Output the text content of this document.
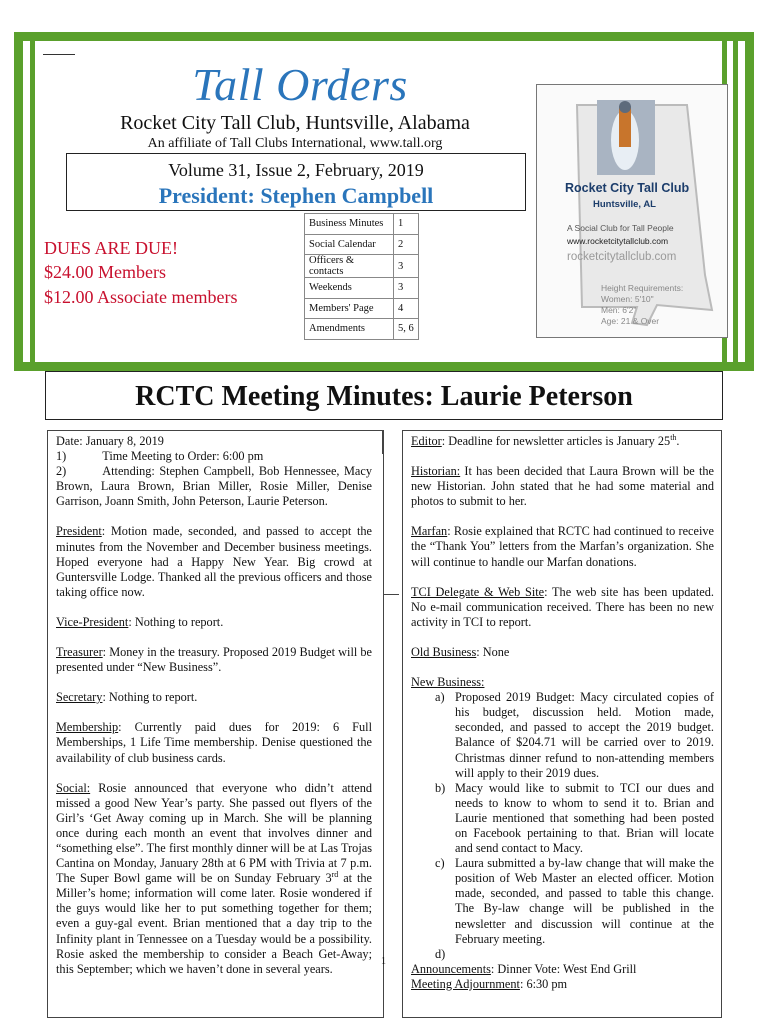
Tall Orders
Rocket City Tall Club, Huntsville, Alabama
An affiliate of Tall Clubs International, www.tall.org
Volume 31, Issue 2, February, 2019
President: Stephen Campbell
DUES ARE DUE!
$24.00 Members
$12.00 Associate members
Business Minutes	1
Social Calendar	2
Officers & contacts	3
Weekends	3
Members' Page	4
Amendments	5, 6
Rocket City Tall Club
Huntsville, AL
A Social Club for Tall People
www.rocketcitytallclub.com
rocketcitytallclub.com
Height Requirements:
Women: 5'10"
Men: 6'2"
Age: 21 & Over
RCTC Meeting Minutes: Laurie Peterson
1

Date: January 8, 2019

1)	Time Meeting to Order: 6:00 pm

2)	Attending: Stephen Campbell, Bob Hennessee, Macy Brown, Laura Brown, Brian Miller, Rosie Miller, Denise Garrison, Joann Smith, John Peterson, Laurie Peterson.

President: Motion made, seconded, and passed to accept the minutes from the November and December business meetings. Hoped everyone had a Happy New Year. Big crowd at Guntersville Lodge. Thanked all the previous officers and those taking office now.

Vice-President: Nothing to report.

Treasurer: Money in the treasury. Proposed 2019 Budget will be presented under “New Business”.

Secretary: Nothing to report.

Membership: Currently paid dues for 2019: 6 Full Memberships, 1 Life Time membership. Denise questioned the availability of club business cards.

Social: Rosie announced that everyone who didn’t attend missed a good New Year’s party. She passed out flyers of the Girl’s ‘Get Away coming up in March. She will be planning once during each month an event that involves dinner and “something else”. The first monthly dinner will be at Las Trojas Cantina on Monday, January 28th at 6 PM with Trivia at 7 p.m. The Super Bowl game will be on Sunday February 3rd at the Miller’s home; information will come later. Rosie wondered if the guys would like her to put something together for them; even a guy-gal event. Brian mentioned that a day trip to the Infinity plant in Tennessee on a Tuesday would be a possibility. Rosie asked the membership to consider a Beach Get-Away; this September; which we haven’t done in several years.

Editor: Deadline for newsletter articles is January 25th.

Historian: It has been decided that Laura Brown will be the new Historian. John stated that he had some material and photos to submit to her.

Marfan: Rosie explained that RCTC had continued to receive the “Thank You” letters from the Marfan’s organization. She will continue to handle our Marfan donations.

TCI Delegate & Web Site: The web site has been updated. No e-mail communication received. There has been no new activity in TCI to report.

Old Business: None

New Business:

a) Proposed 2019 Budget: Macy circulated copies of his budget, discussion held. Motion made, seconded, and passed to accept the 2019 budget. Balance of $204.71 will be carried over to 2019. Christmas dinner refund to non-attending members will apply to their 2019 dues.
b) Macy would like to submit to TCI our dues and needs to know to whom to send it to. Brian and Laurie mentioned that something had been posted on Facebook pertaining to that. Brian will locate and send contact to Macy.
c) Laura submitted a by-law change that will make the position of Web Master an elected officer. Motion made, seconded, and passed to table this change. The By-law change will be published in the newsletter and discussion will continue at the February meeting.
d)

Announcements: Dinner Vote: West End Grill

Meeting Adjournment: 6:30 pm
